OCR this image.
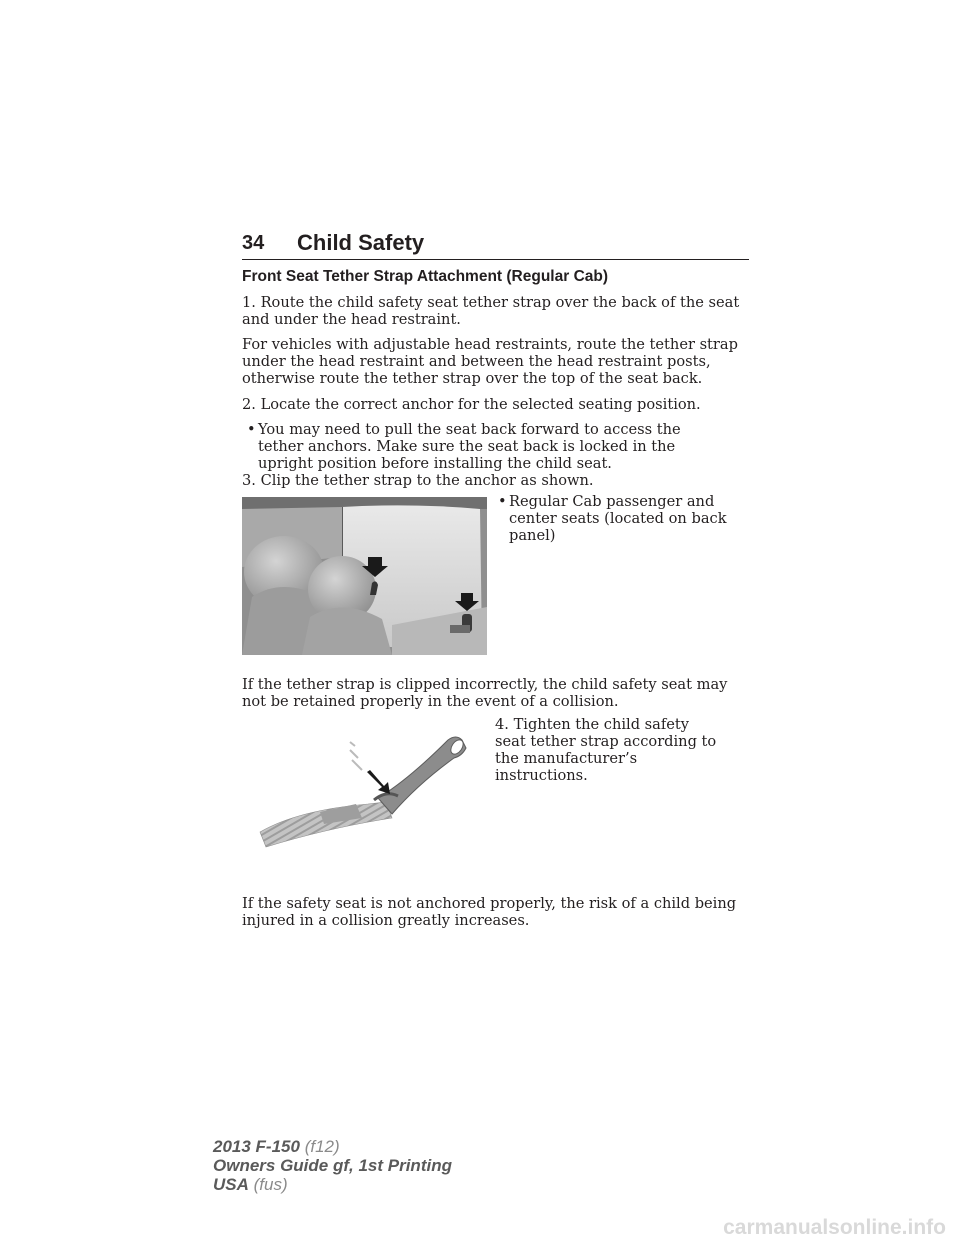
34 Child Safety
Front Seat Tether Strap Attachment (Regular Cab)
1. Route the child safety seat tether strap over the back of the seat and under the head restraint.
For vehicles with adjustable head restraints, route the tether strap under the head restraint and between the head restraint posts, otherwise route the tether strap over the top of the seat back.
2. Locate the correct anchor for the selected seating position.
• You may need to pull the seat back forward to access the tether anchors. Make sure the seat back is locked in the upright position before installing the child seat.
3. Clip the tether strap to the anchor as shown.
• Regular Cab passenger and center seats (located on back panel)
If the tether strap is clipped incorrectly, the child safety seat may not be retained properly in the event of a collision.
4. Tighten the child safety seat tether strap according to the manufacturer’s instructions.
If the safety seat is not anchored properly, the risk of a child being injured in a collision greatly increases.
2013 F-150 (f12)
Owners Guide gf, 1st Printing
USA (fus)
carmanualsonline.info
